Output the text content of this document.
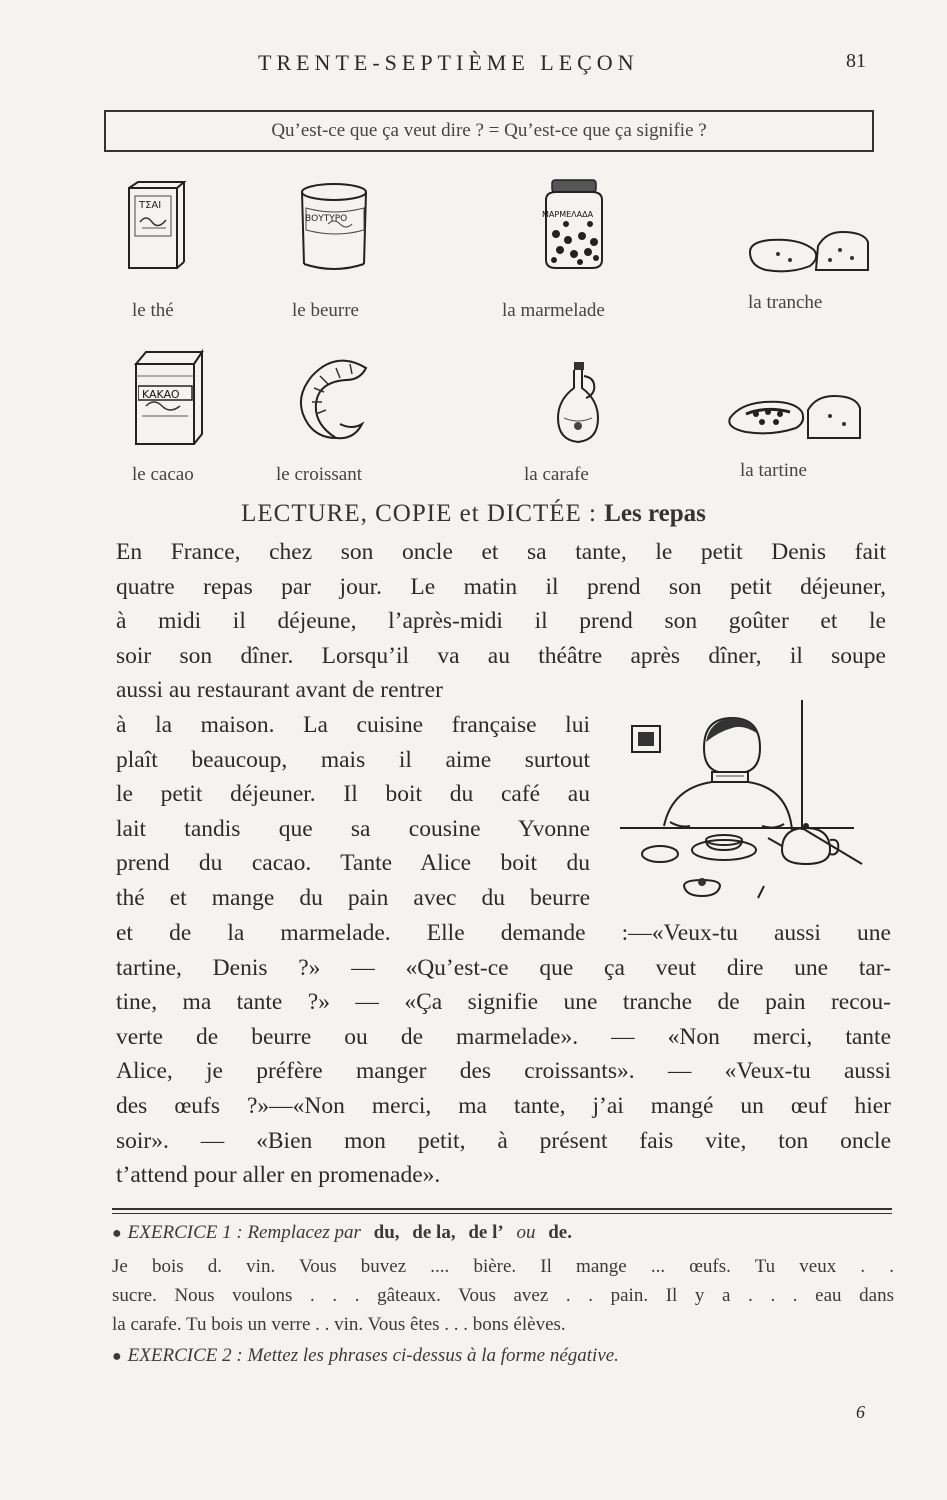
TRENTE-SEPTIÈME LEÇON	81
Qu’est-ce que ça veut dire ? = Qu’est-ce que ça signifie ?
ΤΣΑΙ
le thé
ΒΟΥΤΥΡΟ
le beurre
ΜΑΡΜΕΛΑΔΑ
la marmelade	la tranche
KAKAO
le cacao	le croissant	la carafe	la tartine
LECTURE, COPIE et DICTÉE : Les repas
En France, chez son oncle et sa tante, le petit Denis fait
quatre repas par jour. Le matin il prend son petit déjeuner,
à midi il déjeune, l’après-midi il prend son goûter et le
soir son dîner. Lorsqu’il va au théâtre après dîner, il soupe
aussi au restaurant avant de rentrer
à la maison. La cuisine française lui
plaît beaucoup, mais il aime surtout
le petit déjeuner. Il boit du café au
lait tandis que sa cousine Yvonne
prend du cacao. Tante Alice boit du
thé et mange du pain avec du beurre
et de la marmelade. Elle demande :—«Veux-tu aussi une
tartine, Denis ?» — «Qu’est-ce que ça veut dire une tar-
tine, ma tante ?» — «Ça signifie une tranche de pain recou-
verte de beurre ou de marmelade». — «Non merci, tante
Alice, je préfère manger des croissants». — «Veux-tu aussi
des œufs ?»—«Non merci, ma tante, j’ai mangé un œuf hier
soir». — «Bien mon petit, à présent fais vite, ton oncle
t’attend pour aller en promenade».
● EXERCICE 1 : Remplacez par du, de la, de l’ ou de.
Je bois d. vin. Vous buvez .... bière. Il mange ... œufs. Tu veux . .
sucre. Nous voulons . . . gâteaux. Vous avez . . pain. Il y a . . . eau dans
la carafe. Tu bois un verre . . vin. Vous êtes . . . bons élèves.
● EXERCICE 2 : Mettez les phrases ci-dessus à la forme négative.
6
